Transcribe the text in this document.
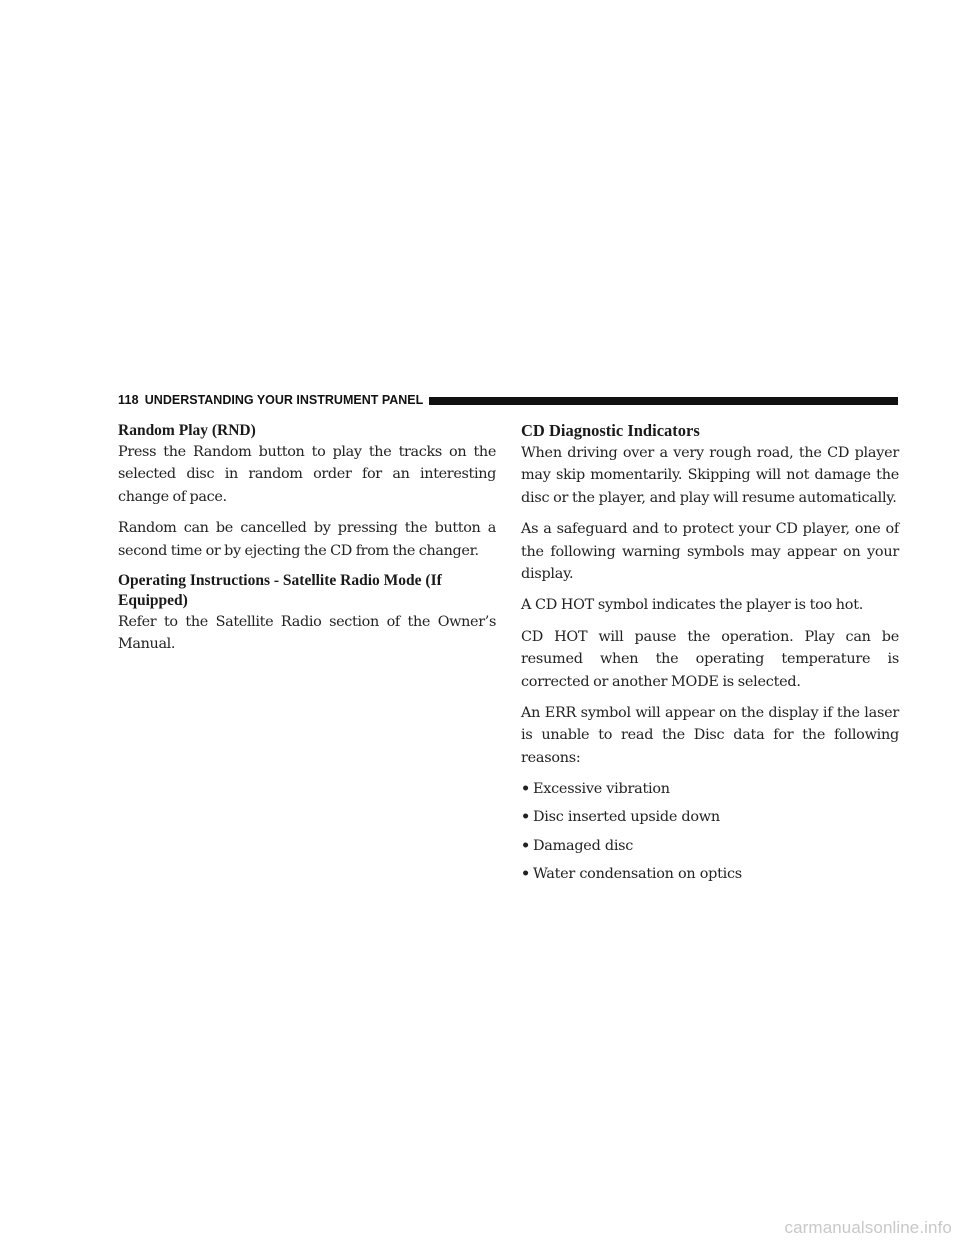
118 UNDERSTANDING YOUR INSTRUMENT PANEL
Random Play (RND)

Press the Random button to play the tracks on the selected disc in random order for an interesting change of pace.

Random can be cancelled by pressing the button a second time or by ejecting the CD from the changer.

Operating Instructions - Satellite Radio Mode (If Equipped)

Refer to the Satellite Radio section of the Owner’s Manual.

CD Diagnostic Indicators

When driving over a very rough road, the CD player may skip momentarily. Skipping will not damage the disc or the player, and play will resume automatically.

As a safeguard and to protect your CD player, one of the following warning symbols may appear on your display.

A CD HOT symbol indicates the player is too hot.

CD HOT will pause the operation. Play can be resumed when the operating temperature is corrected or another MODE is selected.

An ERR symbol will appear on the display if the laser is unable to read the Disc data for the following reasons:

• Excessive vibration
• Disc inserted upside down
• Damaged disc
• Water condensation on optics
carmanualsonline.info
